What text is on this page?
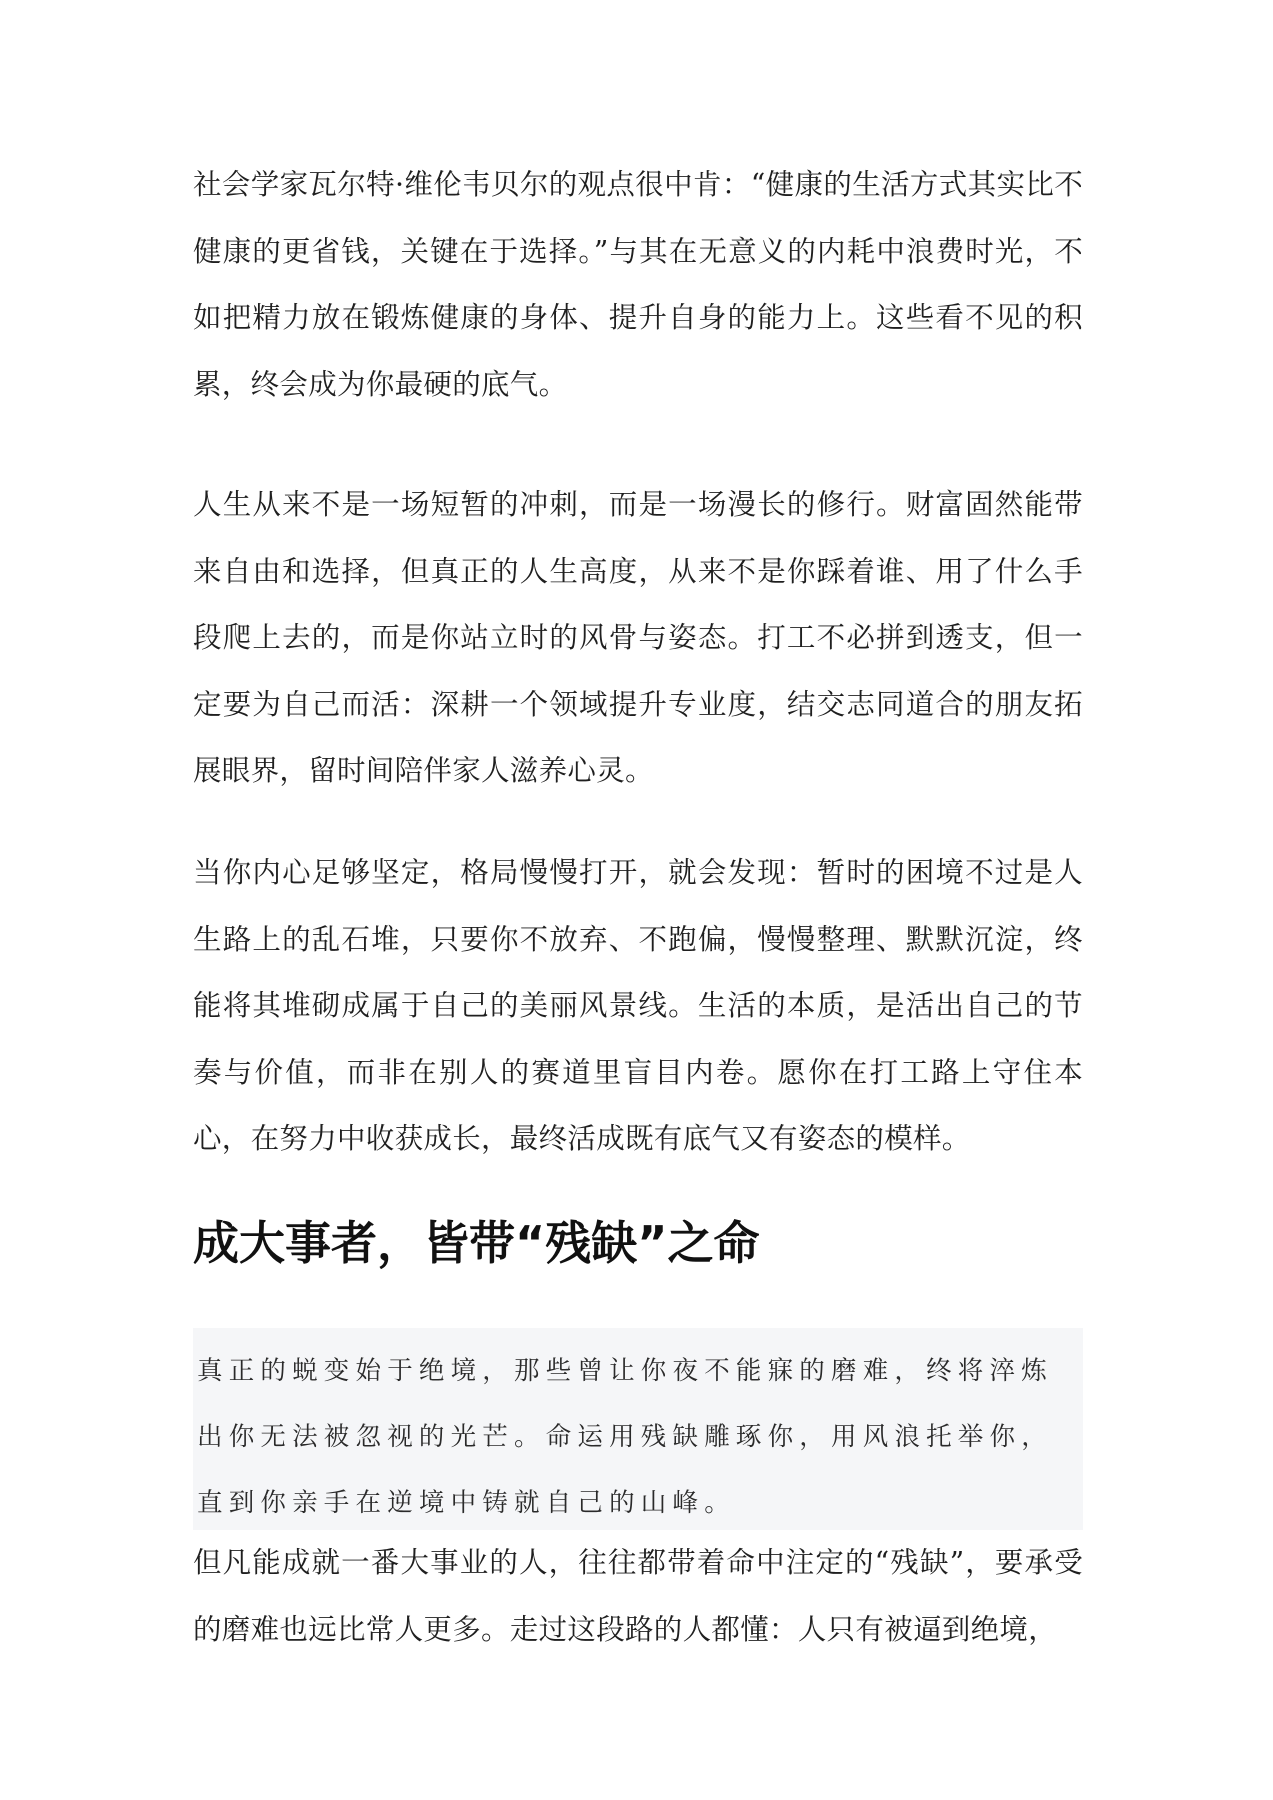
社会学家瓦尔特·维伦韦贝尔的观点很中肯：“健康的生活方式其实比不健康的更省钱，关键在于选择。”与其在无意义的内耗中浪费时光，不如把精力放在锻炼健康的身体、提升自身的能力上。这些看不见的积累，终会成为你最硬的底气。

人生从来不是一场短暂的冲刺，而是一场漫长的修行。财富固然能带来自由和选择，但真正的人生高度，从来不是你踩着谁、用了什么手段爬上去的，而是你站立时的风骨与姿态。打工不必拼到透支，但一定要为自己而活：深耕一个领域提升专业度，结交志同道合的朋友拓展眼界，留时间陪伴家人滋养心灵。

当你内心足够坚定，格局慢慢打开，就会发现：暂时的困境不过是人生路上的乱石堆，只要你不放弃、不跑偏，慢慢整理、默默沉淀，终能将其堆砌成属于自己的美丽风景线。生活的本质，是活出自己的节奏与价值，而非在别人的赛道里盲目内卷。愿你在打工路上守住本心，在努力中收获成长，最终活成既有底气又有姿态的模样。

成大事者，皆带“残缺”之命

真正的蜕变始于绝境，那些曾让你夜不能寐的磨难，终将淬炼出你无法被忽视的光芒。命运用残缺雕琢你，用风浪托举你，直到你亲手在逆境中铸就自己的山峰。

但凡能成就一番大事业的人，往往都带着命中注定的“残缺”，要承受的磨难也远比常人更多。走过这段路的人都懂：人只有被逼到绝境，
